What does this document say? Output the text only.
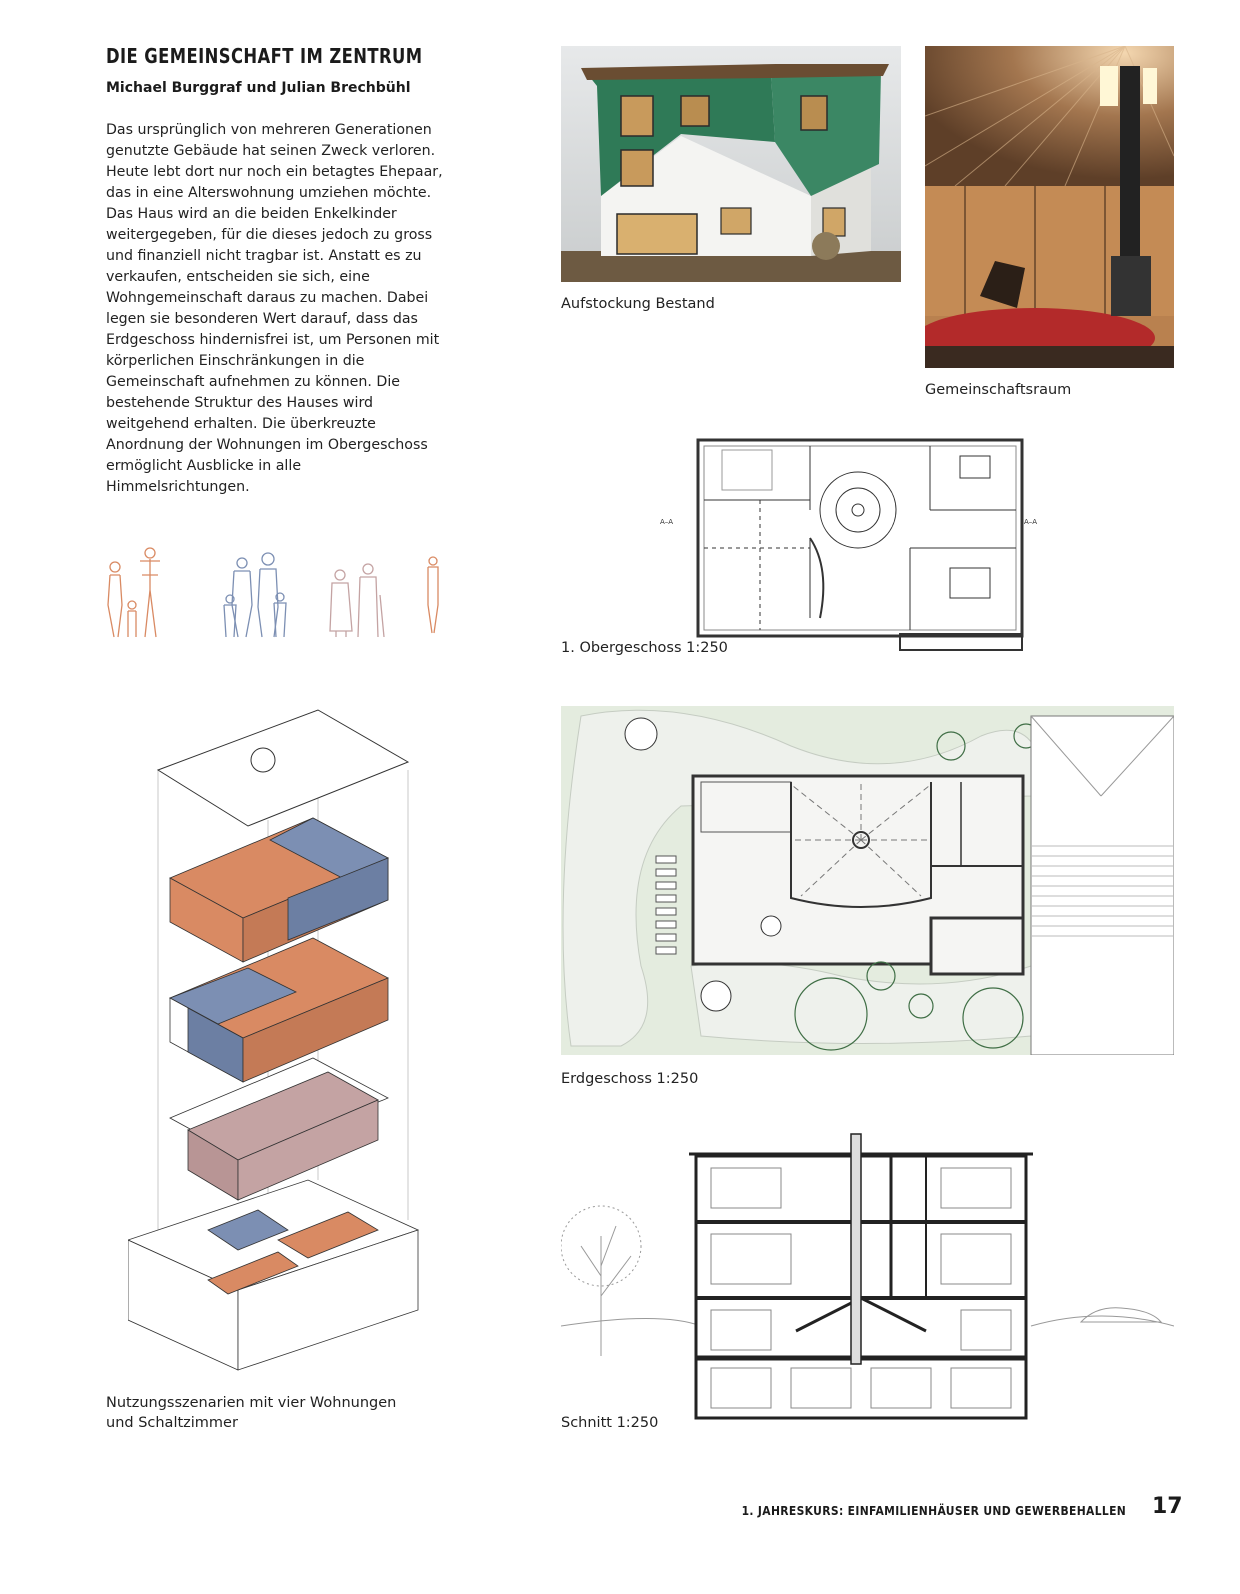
DIE GEMEINSCHAFT IM ZENTRUM
Michael Burggraf und Julian Brechbühl

Das ursprünglich von mehreren Generationen genutzte Gebäude hat seinen Zweck verloren. Heute lebt dort nur noch ein betagtes Ehepaar, das in eine Alterswohnung umziehen möchte. Das Haus wird an die beiden Enkelkinder weitergegeben, für die dieses jedoch zu gross und finanziell nicht tragbar ist. Anstatt es zu verkaufen, entscheiden sie sich, eine Wohngemeinschaft daraus zu machen. Dabei legen sie besonderen Wert darauf, dass das Erdgeschoss hindernisfrei ist, um Personen mit körperlichen Einschränkungen in die Gemeinschaft aufnehmen zu können. Die bestehende Struktur des Hauses wird weitgehend erhalten. Die überkreuzte Anordnung der Wohnungen im Obergeschoss ermöglicht Ausblicke in alle Himmelsrichtungen.

Aufstockung Bestand
Gemeinschaftsraum
A–A	A–A
1. Obergeschoss 1:250
Erdgeschoss 1:250
Schnitt 1:250
Nutzungsszenarien mit vier Wohnungen
und Schaltzimmer
1. JAHRESKURS: EINFAMILIENHÄUSER UND GEWERBEHALLEN 17
